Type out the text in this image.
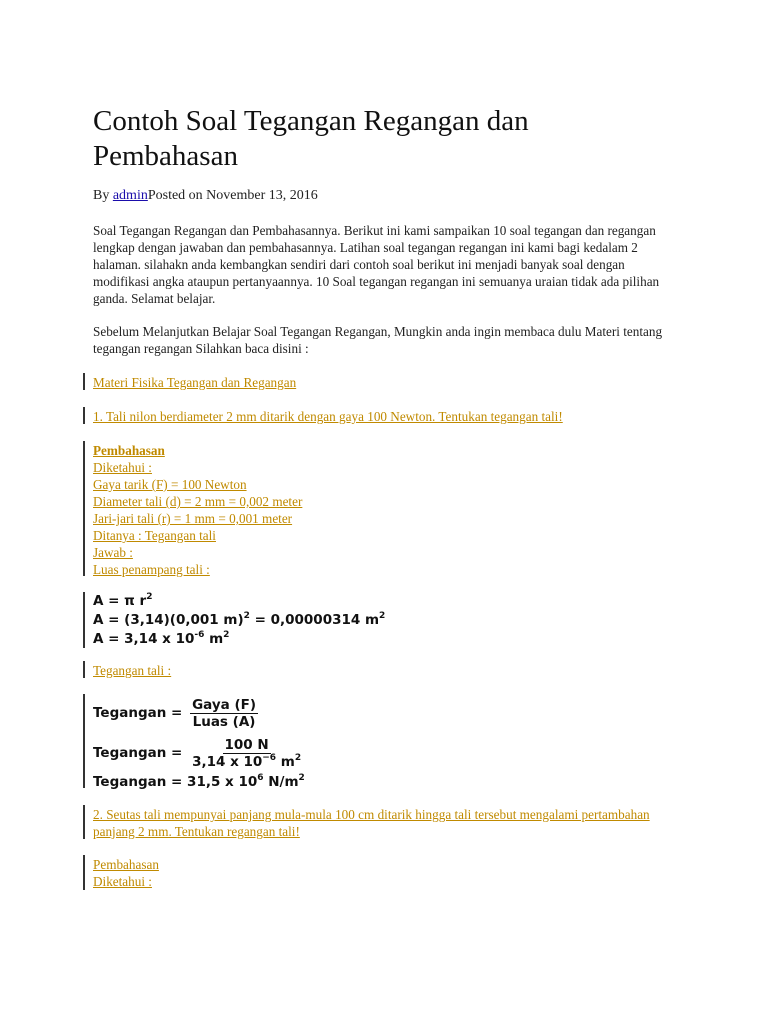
Contoh Soal Tegangan Regangan dan Pembahasan
By adminPosted on November 13, 2016

Soal Tegangan Regangan dan Pembahasannya. Berikut ini kami sampaikan 10 soal tegangan dan regangan lengkap dengan jawaban dan pembahasannya. Latihan soal tegangan regangan ini kami bagi kedalam 2 halaman. silahakn anda kembangkan sendiri dari contoh soal berikut ini menjadi banyak soal dengan modifikasi angka ataupun pertanyaannya. 10 Soal tegangan regangan ini semuanya uraian tidak ada pilihan ganda. Selamat belajar.

Sebelum Melanjutkan Belajar Soal Tegangan Regangan, Mungkin anda ingin membaca dulu Materi tentang tegangan regangan Silahkan baca disini :

Materi Fisika Tegangan dan Regangan
1. Tali nilon berdiameter 2 mm ditarik dengan gaya 100 Newton. Tentukan tegangan tali!
Pembahasan
Diketahui :
Gaya tarik (F) = 100 Newton
Diameter tali (d) = 2 mm = 0,002 meter
Jari-jari tali (r) = 1 mm = 0,001 meter
Ditanya : Tegangan tali
Jawab :
Luas penampang tali :
A = π $r^2$
A = (3,14)(0,001 m)$^2$ = 0,00000314 $m^2$
A = 3,14 x $10^{-6}$ $m^2$
Tegangan tali :
Tegangan = $\frac{\text{Gaya (F)}}{\text{Luas (A)}}$
Tegangan = $\frac{100 N}{3,14 x 10^{-6} m^2}$
Tegangan = 31,5 x $10^6$ $N/m^2$
2. Seutas tali mempunyai panjang mula-mula 100 cm ditarik hingga tali tersebut mengalami pertambahan panjang 2 mm. Tentukan regangan tali!
Pembahasan
Diketahui :
